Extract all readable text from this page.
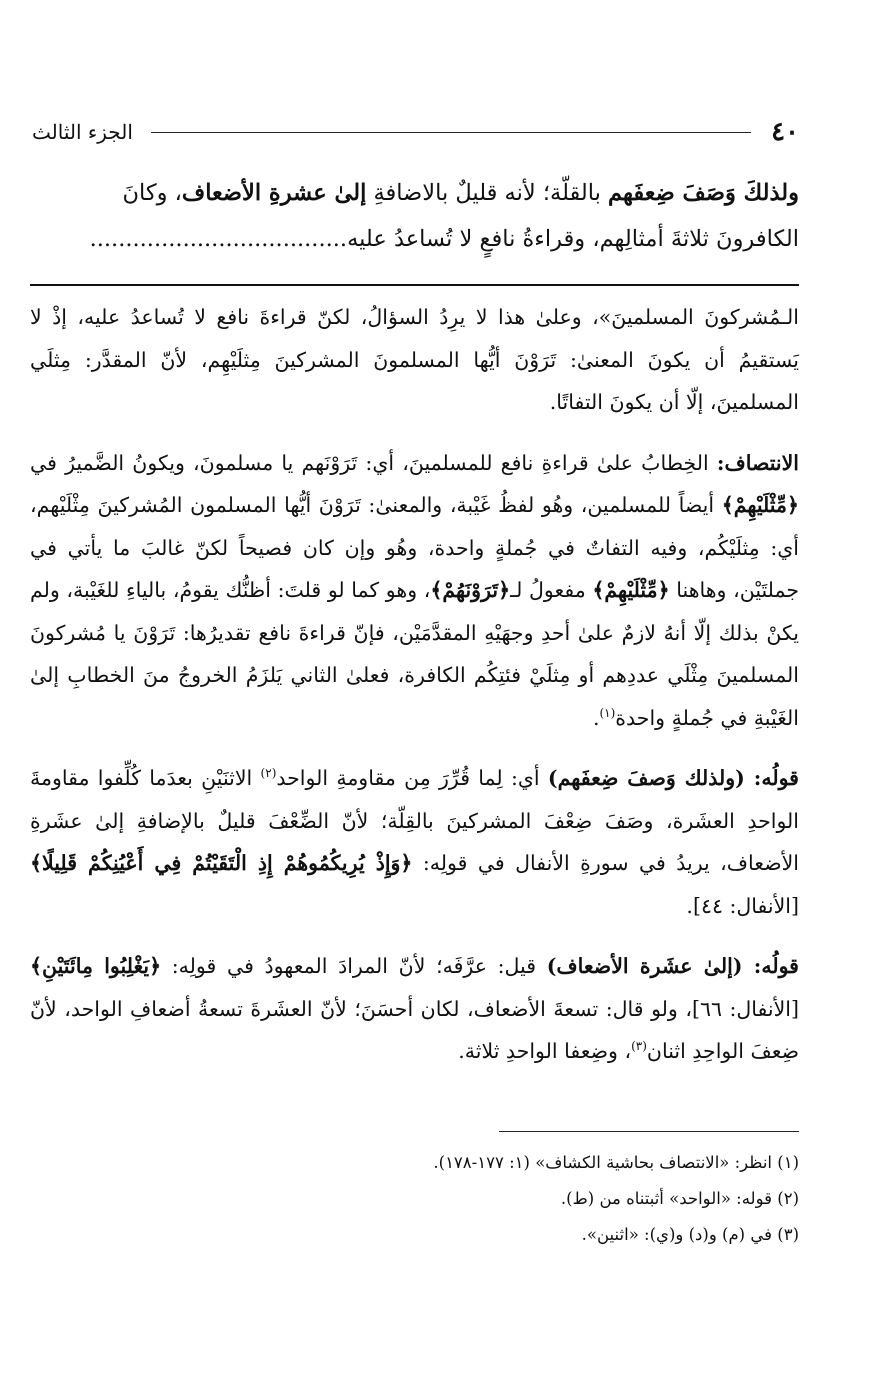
٤٠
الجزء الثالث

ولذلكَ وَصَفَ ضِعفَهم بالقلّة؛ لأنه قليلٌ بالاضافةِ إلىٰ عشرةِ الأضعاف، وكانَ

الكافرونَ ثلاثةَ أمثالِهم، وقراءةُ نافعٍ لا تُساعدُ عليه....................................

الـمُشركونَ المسلمينَ»، وعلىٰ هذا لا يرِدُ السؤالُ، لكنّ قراءةَ نافع لا تُساعدُ عليه، إذْ لا يَستقيمُ أن يكونَ المعنىٰ: تَرَوْنَ أيُّها المسلمونَ المشركينَ مِثلَيْهِم، لأنّ المقدَّر: مِثلَي المسلمينَ، إلّا أن يكونَ التفاتًا.

الانتصاف: الخِطابُ علىٰ قراءةِ نافع للمسلمينَ، أي: تَرَوْنَهم يا مسلمونَ، ويكونُ الضَّميرُ في ﴿مِّثْلَيْهِمْ﴾ أيضاً للمسلمين، وهُو لفظُ غَيْبة، والمعنىٰ: تَرَوْنَ أيُّها المسلمون المُشركينَ مِثْلَيْهم، أي: مِثلَيْكُم، وفيه التفاتٌ في جُملةٍ واحدة، وهُو وإن كان فصيحاً لكنّ غالبَ ما يأتي في جملتَيْن، وهاهنا ﴿مِّثْلَيْهِمْ﴾ مفعولُ لـ﴿تَرَوْنَهُمْ﴾، وهو كما لو قلتَ: أظنُّك يقومُ، بالياءِ للغَيْبة، ولم يكنْ بذلك إلّا أنهُ لازمٌ علىٰ أحدِ وجهَيْهِ المقدَّمَيْن، فإنّ قراءةَ نافع تقديرُها: تَرَوْنَ يا مُشركونَ المسلمينَ مِثْلَي عددِهم أو مِثلَيْ فئتِكُم الكافرة، فعلىٰ الثاني يَلزَمُ الخروجُ منَ الخطابِ إلىٰ الغَيْبةِ في جُملةٍ واحدة$^{(١)}$.

قولُه: (ولذلك وَصفَ ضِعفَهم) أي: لِما قُرِّرَ مِن مقاومةِ الواحد$^{(٢)}$ الاثنَيْنِ بعدَما كُلِّفوا مقاومةَ الواحدِ العشَرة، وصَفَ ضِعْفَ المشركينَ بالقِلّة؛ لأنّ الضِّعْفَ قليلٌ بالإضافةِ إلىٰ عشَرةِ الأضعاف، يريدُ في سورةِ الأنفال في قولِه: ﴿وَإِذْ يُرِيكُمُوهُمْ إِذِ الْتَقَيْتُمْ فِي أَعْيُنِكُمْ قَلِيلًا﴾ [الأنفال: ٤٤].

قولُه: (إلىٰ عشَرة الأضعاف) قيل: عرَّفَه؛ لأنّ المرادَ المعهودُ في قولِه: ﴿يَغْلِبُوا مِائَتَيْنِ﴾ [الأنفال: ٦٦]، ولو قال: تسعةَ الأضعاف، لكان أحسَنَ؛ لأنّ العشَرةَ تسعةُ أضعافِ الواحد، لأنّ ضِعفَ الواحِدِ اثنان$^{(٣)}$، وضِعفا الواحدِ ثلاثة.

(١) انظر: «الانتصاف بحاشية الكشاف» (١: ١٧٧-١٧٨).
(٢) قوله: «الواحد» أثبتناه من (ط).
(٣) في (م) و(د) و(ي): «اثنين».
